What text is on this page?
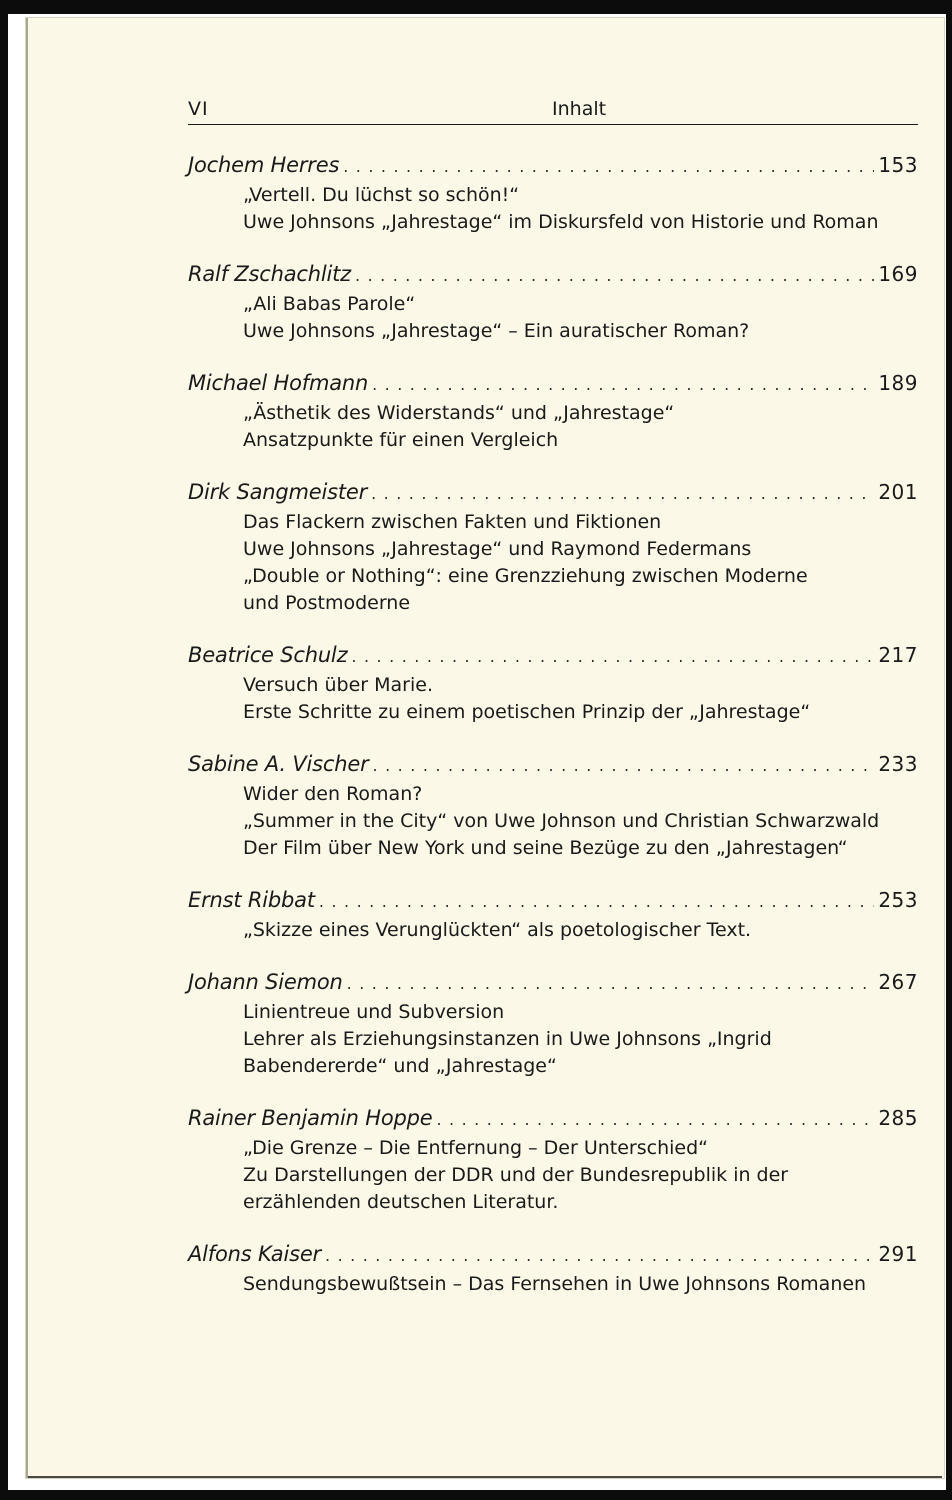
VI	Inhalt
Jochem Herres . . .	153
„Vertell. Du lüchst so schön!“
Uwe Johnsons „Jahrestage“ im Diskursfeld von Historie und Roman
Ralf Zschachlitz . . .	169
„Ali Babas Parole“
Uwe Johnsons „Jahrestage“ – Ein auratischer Roman?
Michael Hofmann . . .	189
„Ästhetik des Widerstands“ und „Jahrestage“
Ansatzpunkte für einen Vergleich
Dirk Sangmeister . . .	201
Das Flackern zwischen Fakten und Fiktionen
Uwe Johnsons „Jahrestage“ und Raymond Federmans
„Double or Nothing“: eine Grenzziehung zwischen Moderne
und Postmoderne
Beatrice Schulz . . .	217
Versuch über Marie.
Erste Schritte zu einem poetischen Prinzip der „Jahrestage“
Sabine A. Vischer . . .	233
Wider den Roman?
„Summer in the City“ von Uwe Johnson und Christian Schwarzwald
Der Film über New York und seine Bezüge zu den „Jahrestagen“
Ernst Ribbat . . .	253
„Skizze eines Verunglückten“ als poetologischer Text.
Johann Siemon . . .	267
Linientreue und Subversion
Lehrer als Erziehungsinstanzen in Uwe Johnsons „Ingrid
Babendererde“ und „Jahrestage“
Rainer Benjamin Hoppe . . .	285
„Die Grenze – Die Entfernung – Der Unterschied“
Zu Darstellungen der DDR und der Bundesrepublik in der
erzählenden deutschen Literatur.
Alfons Kaiser . . .	291
Sendungsbewußtsein – Das Fernsehen in Uwe Johnsons Romanen
